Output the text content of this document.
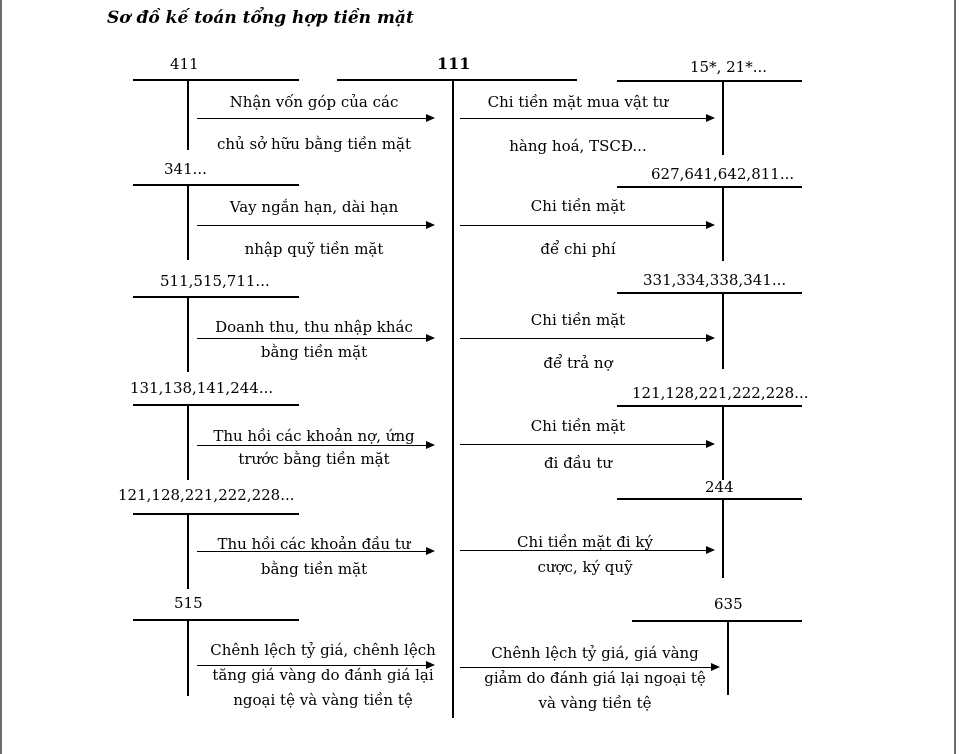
Sơ đồ kế toán tổng hợp tiền mặt
111
411
Nhận vốn góp của các
chủ sở hữu bằng tiền mặt
341...
Vay ngắn hạn, dài hạn
nhập quỹ tiền mặt
511,515,711...
Doanh thu, thu nhập khác
bằng tiền mặt
131,138,141,244...
Thu hồi các khoản nợ, ứng
trước bằng tiền mặt
121,128,221,222,228...
Thu hồi các khoản đầu tư
bằng tiền mặt
515
Chênh lệch tỷ giá, chênh lệch
tăng giá vàng do đánh giá lại
ngoại tệ và vàng tiền tệ
15*, 21*...
Chi tiền mặt mua vật tư
hàng hoá, TSCĐ...
627,641,642,811...
Chi tiền mặt
để chi phí
331,334,338,341...
Chi tiền mặt
để trả nợ
121,128,221,222,228...
Chi tiền mặt
đi đầu tư
244
Chi tiền mặt đi ký
cược, ký quỹ
635
Chênh lệch tỷ giá, giá vàng
giảm do đánh giá lại ngoại tệ
và vàng tiền tệ
